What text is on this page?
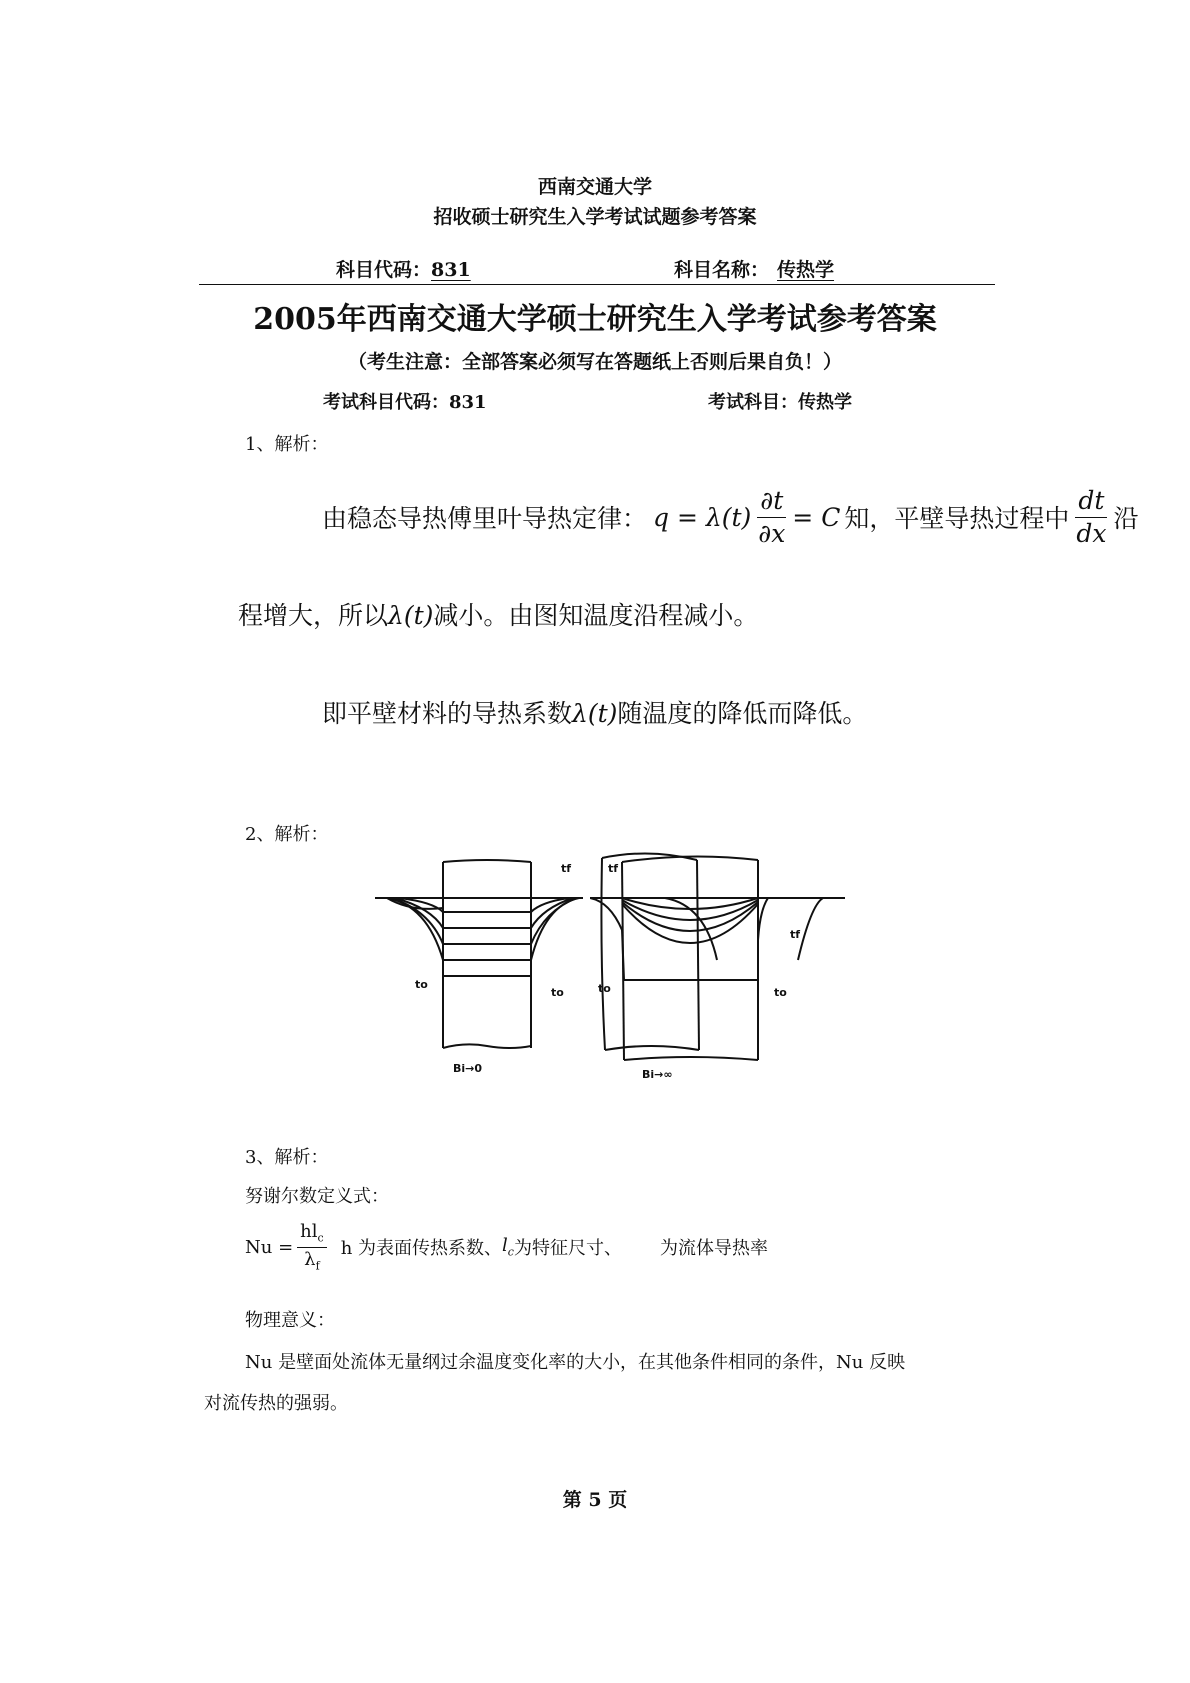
西南交通大学
招收硕士研究生入学考试试题参考答案
科目代码：831	科目名称： 传热学
2005年西南交通大学硕士研究生入学考试参考答案
（考生注意：全部答案必须写在答题纸上否则后果自负！）
考试科目代码：831	考试科目：传热学
1、解析：
由稳态导热傅里叶导热定律： $q = \lambda(t) \frac{\partial t}{\partial x} = C$ 知，平壁导热过程中 $\frac{dt}{dx}$ 沿
程增大，所以λ(t)减小。由图知温度沿程减小。
即平壁材料的导热系数λ(t)随温度的降低而降低。
2、解析：
tf
tf
to	to
Bi→∞
tf
to
to
Bi→0
3、解析：
努谢尔数定义式：
$Nu = \frac{hl_c}{\lambda_f}$ h 为表面传热系数、 $l_c$ 为特征尺寸、 为流体导热率
物理意义：
Nu 是壁面处流体无量纲过余温度变化率的大小，在其他条件相同的条件，Nu 反映
对流传热的强弱。
第 5 页
